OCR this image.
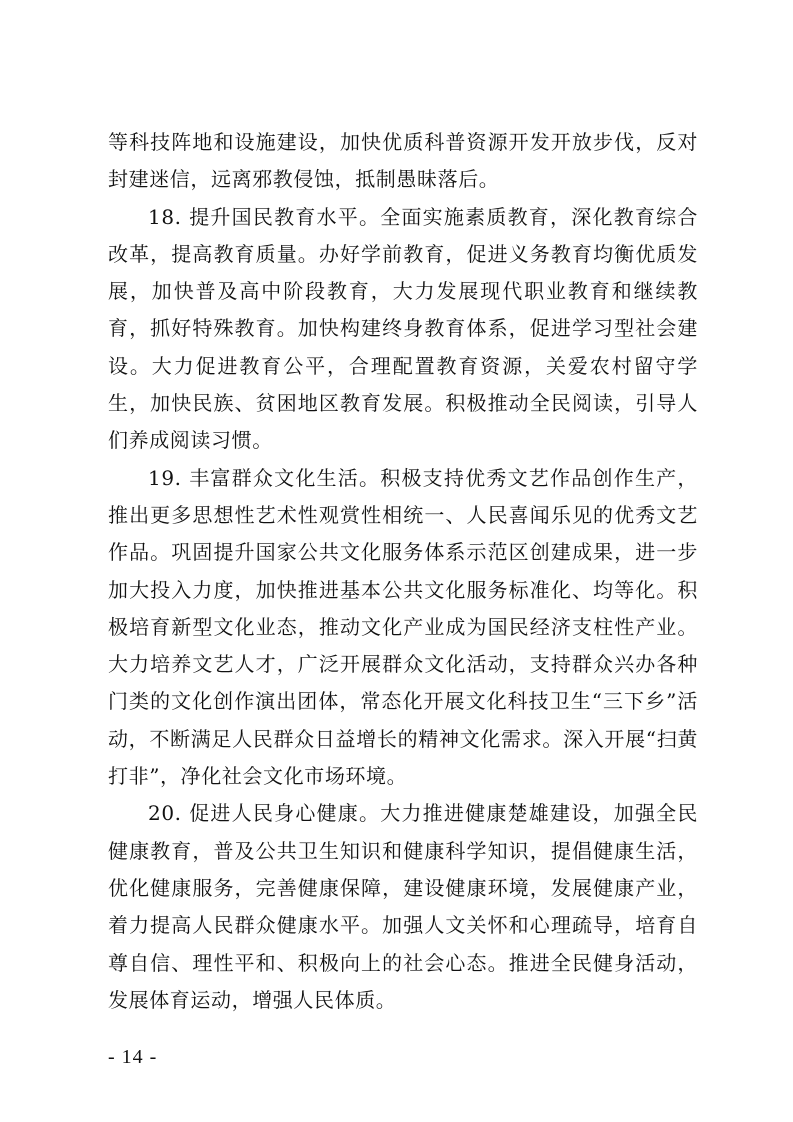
等科技阵地和设施建设，加快优质科普资源开发开放步伐，反对封建迷信，远离邪教侵蚀，抵制愚昧落后。

18. 提升国民教育水平。全面实施素质教育，深化教育综合改革，提高教育质量。办好学前教育，促进义务教育均衡优质发展，加快普及高中阶段教育，大力发展现代职业教育和继续教育，抓好特殊教育。加快构建终身教育体系，促进学习型社会建设。大力促进教育公平，合理配置教育资源，关爱农村留守学生，加快民族、贫困地区教育发展。积极推动全民阅读，引导人们养成阅读习惯。

19. 丰富群众文化生活。积极支持优秀文艺作品创作生产，推出更多思想性艺术性观赏性相统一、人民喜闻乐见的优秀文艺作品。巩固提升国家公共文化服务体系示范区创建成果，进一步加大投入力度，加快推进基本公共文化服务标准化、均等化。积极培育新型文化业态，推动文化产业成为国民经济支柱性产业。大力培养文艺人才，广泛开展群众文化活动，支持群众兴办各种门类的文化创作演出团体，常态化开展文化科技卫生“三下乡”活动，不断满足人民群众日益增长的精神文化需求。深入开展“扫黄打非”，净化社会文化市场环境。

20. 促进人民身心健康。大力推进健康楚雄建设，加强全民健康教育，普及公共卫生知识和健康科学知识，提倡健康生活，优化健康服务，完善健康保障，建设健康环境，发展健康产业，着力提高人民群众健康水平。加强人文关怀和心理疏导，培育自尊自信、理性平和、积极向上的社会心态。推进全民健身活动，发展体育运动，增强人民体质。

- 14 -
